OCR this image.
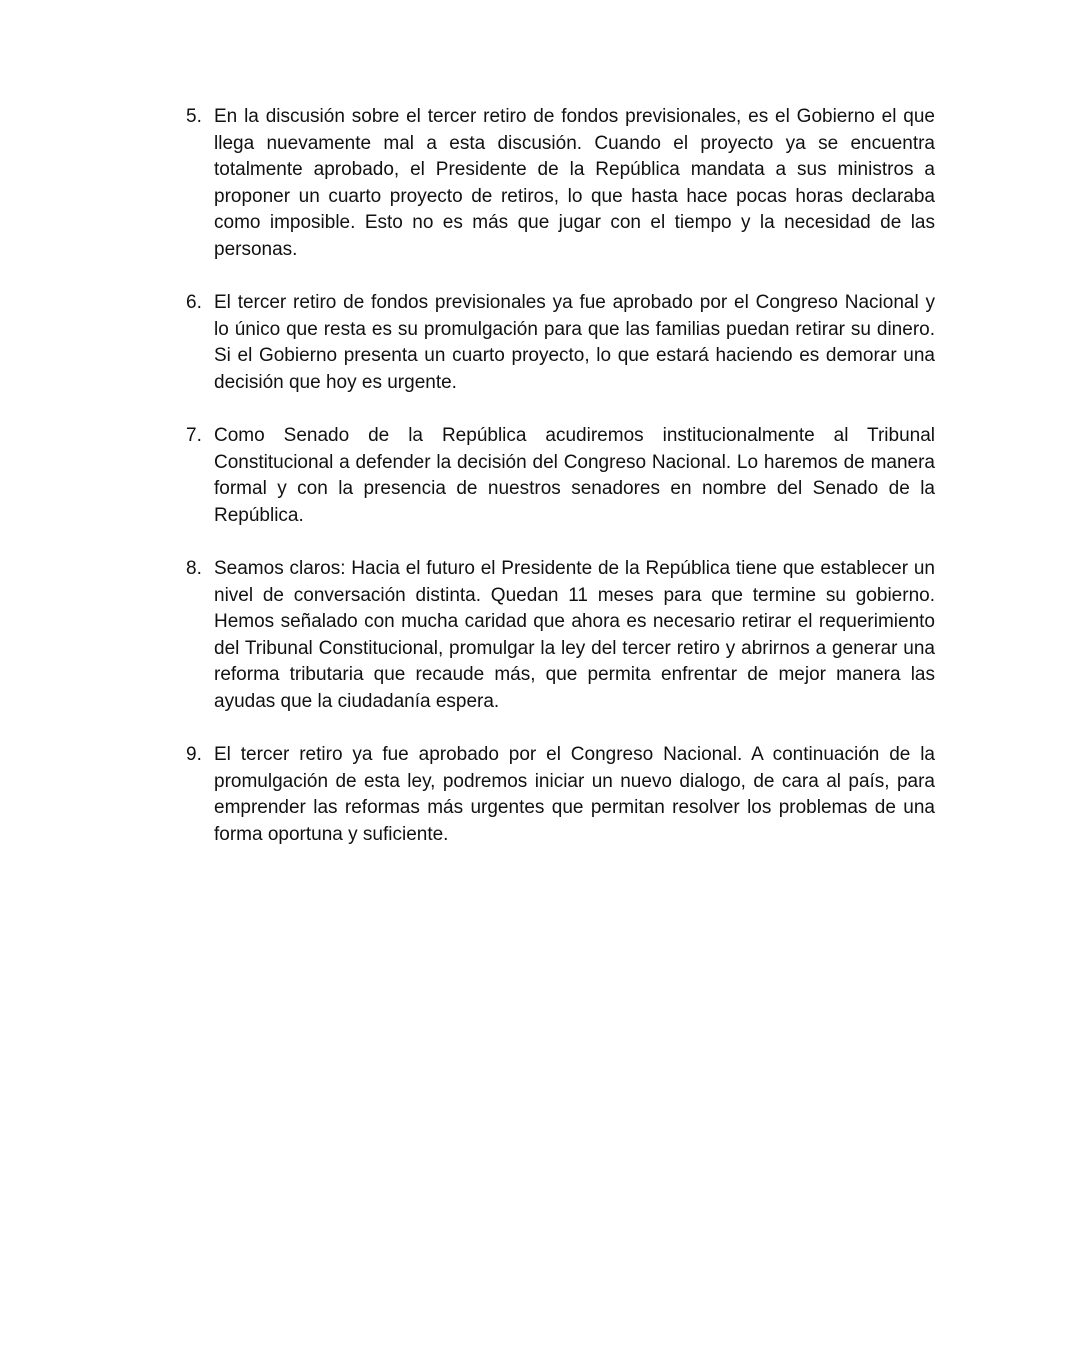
5. En la discusión sobre el tercer retiro de fondos previsionales, es el Gobierno el que llega nuevamente mal a esta discusión. Cuando el proyecto ya se encuentra totalmente aprobado, el Presidente de la República mandata a sus ministros a proponer un cuarto proyecto de retiros, lo que hasta hace pocas horas declaraba como imposible. Esto no es más que jugar con el tiempo y la necesidad de las personas.
6. El tercer retiro de fondos previsionales ya fue aprobado por el Congreso Nacional y lo único que resta es su promulgación para que las familias puedan retirar su dinero. Si el Gobierno presenta un cuarto proyecto, lo que estará haciendo es demorar una decisión que hoy es urgente.
7. Como Senado de la República acudiremos institucionalmente al Tribunal Constitucional a defender la decisión del Congreso Nacional. Lo haremos de manera formal y con la presencia de nuestros senadores en nombre del Senado de la República.
8. Seamos claros: Hacia el futuro el Presidente de la República tiene que establecer un nivel de conversación distinta. Quedan 11 meses para que termine su gobierno. Hemos señalado con mucha caridad que ahora es necesario retirar el requerimiento del Tribunal Constitucional, promulgar la ley del tercer retiro y abrirnos a generar una reforma tributaria que recaude más, que permita enfrentar de mejor manera las ayudas que la ciudadanía espera.
9. El tercer retiro ya fue aprobado por el Congreso Nacional. A continuación de la promulgación de esta ley, podremos iniciar un nuevo dialogo, de cara al país, para emprender las reformas más urgentes que permitan resolver los problemas de una forma oportuna y suficiente.
